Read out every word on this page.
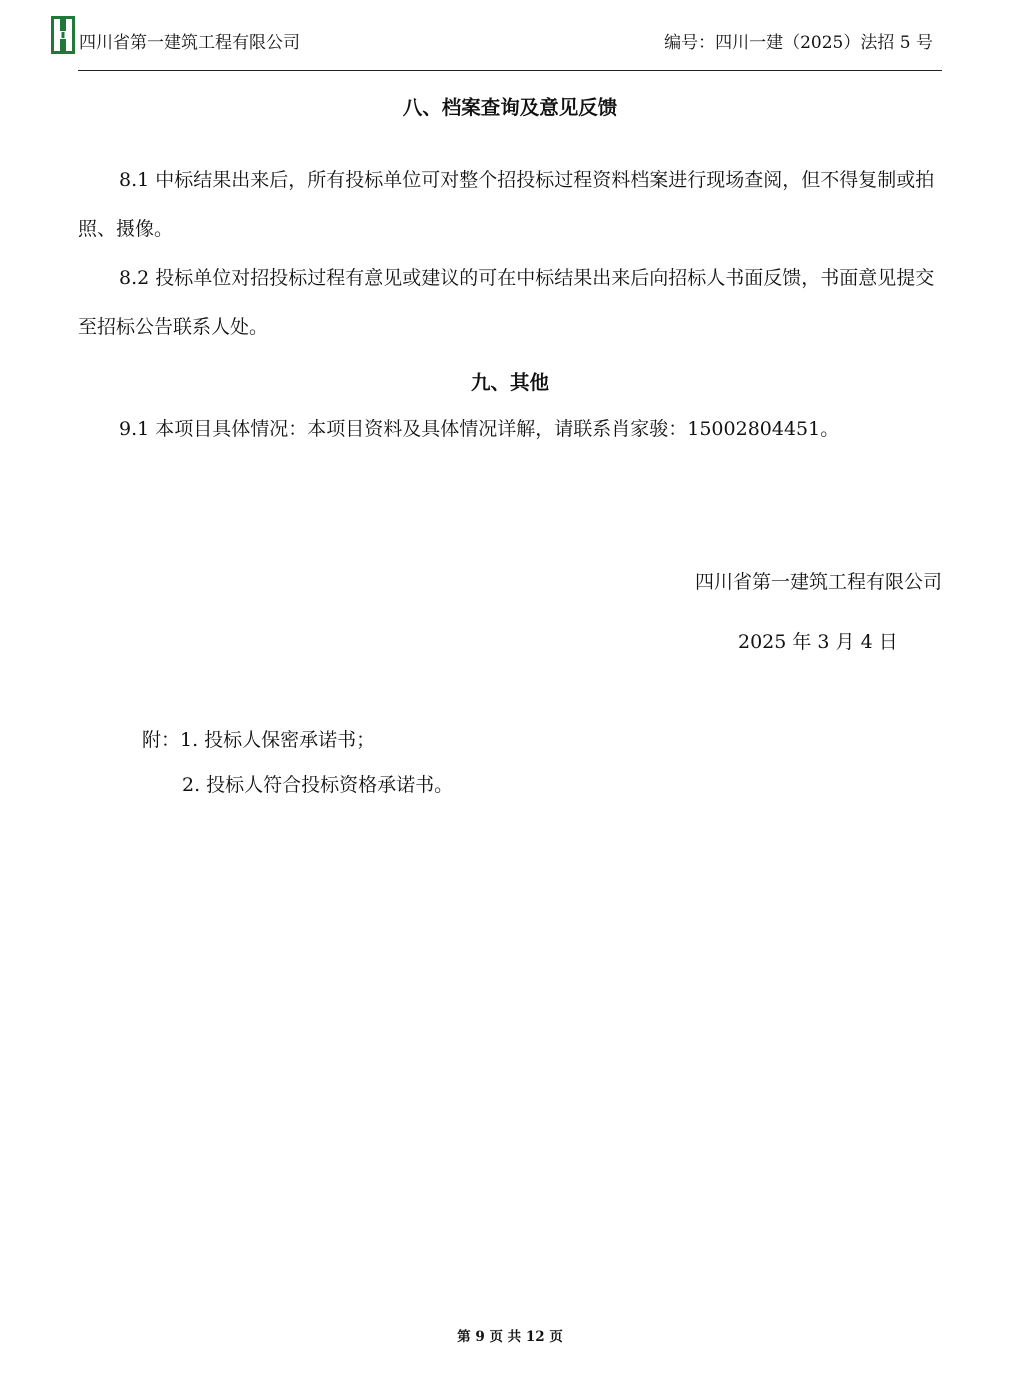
四川省第一建筑工程有限公司	编号：四川一建（2025）法招 5 号
八、档案查询及意见反馈
8.1 中标结果出来后，所有投标单位可对整个招投标过程资料档案进行现场查阅，但不得复制或拍照、摄像。
8.2 投标单位对招投标过程有意见或建议的可在中标结果出来后向招标人书面反馈，书面意见提交至招标公告联系人处。
九、其他
9.1 本项目具体情况：本项目资料及具体情况详解，请联系肖家骏：15002804451。
四川省第一建筑工程有限公司
2025 年 3 月 4 日
附：1. 投标人保密承诺书；
2. 投标人符合投标资格承诺书。
第 9 页 共 12 页
